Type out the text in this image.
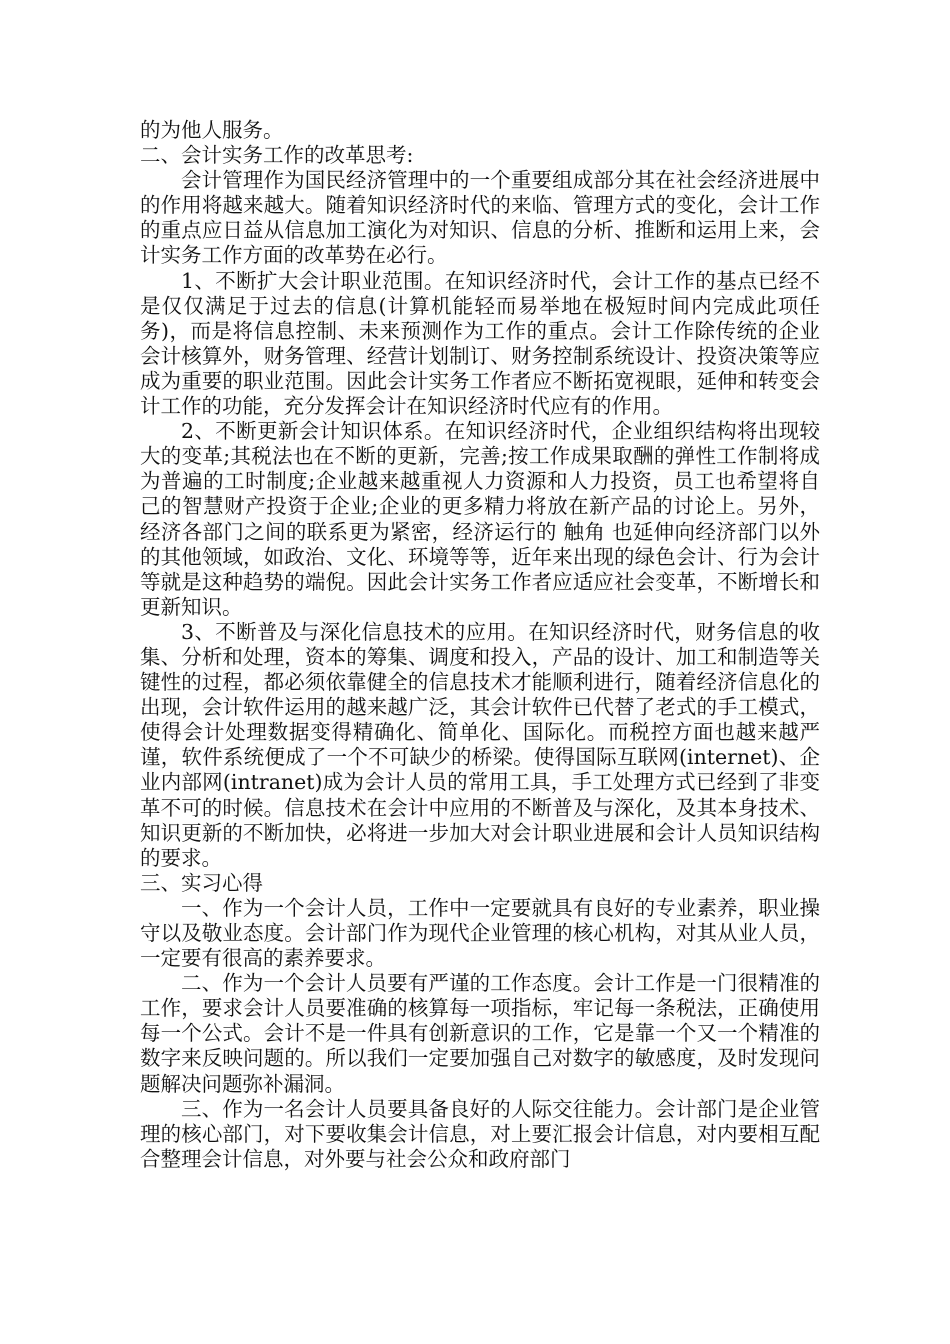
的为他人服务。

二、会计实务工作的改革思考:

会计管理作为国民经济管理中的一个重要组成部分其在社会经济进展中的作用将越来越大。随着知识经济时代的来临、管理方式的变化，会计工作的重点应日益从信息加工演化为对知识、信息的分析、推断和运用上来，会计实务工作方面的改革势在必行。

1、不断扩大会计职业范围。在知识经济时代，会计工作的基点已经不是仅仅满足于过去的信息(计算机能轻而易举地在极短时间内完成此项任务)，而是将信息控制、未来预测作为工作的重点。会计工作除传统的企业会计核算外，财务管理、经营计划制订、财务控制系统设计、投资决策等应成为重要的职业范围。因此会计实务工作者应不断拓宽视眼，延伸和转变会计工作的功能，充分发挥会计在知识经济时代应有的作用。

2、不断更新会计知识体系。在知识经济时代，企业组织结构将出现较大的变革;其税法也在不断的更新，完善;按工作成果取酬的弹性工作制将成为普遍的工时制度;企业越来越重视人力资源和人力投资，员工也希望将自己的智慧财产投资于企业;企业的更多精力将放在新产品的讨论上。另外，经济各部门之间的联系更为紧密，经济运行的 触角 也延伸向经济部门以外的其他领域，如政治、文化、环境等等，近年来出现的绿色会计、行为会计等就是这种趋势的端倪。因此会计实务工作者应适应社会变革，不断增长和更新知识。

3、不断普及与深化信息技术的应用。在知识经济时代，财务信息的收集、分析和处理，资本的筹集、调度和投入，产品的设计、加工和制造等关键性的过程，都必须依靠健全的信息技术才能顺利进行，随着经济信息化的出现，会计软件运用的越来越广泛，其会计软件已代替了老式的手工模式，使得会计处理数据变得精确化、简单化、国际化。而税控方面也越来越严谨，软件系统便成了一个不可缺少的桥梁。使得国际互联网(internet)、企业内部网(intranet)成为会计人员的常用工具，手工处理方式已经到了非变革不可的时候。信息技术在会计中应用的不断普及与深化，及其本身技术、知识更新的不断加快，必将进一步加大对会计职业进展和会计人员知识结构的要求。

三、实习心得

一、作为一个会计人员，工作中一定要就具有良好的专业素养，职业操守以及敬业态度。会计部门作为现代企业管理的核心机构，对其从业人员，一定要有很高的素养要求。

二、作为一个会计人员要有严谨的工作态度。会计工作是一门很精准的工作，要求会计人员要准确的核算每一项指标，牢记每一条税法，正确使用每一个公式。会计不是一件具有创新意识的工作，它是靠一个又一个精准的数字来反映问题的。所以我们一定要加强自己对数字的敏感度，及时发现问题解决问题弥补漏洞。

三、作为一名会计人员要具备良好的人际交往能力。会计部门是企业管理的核心部门，对下要收集会计信息，对上要汇报会计信息，对内要相互配合整理会计信息，对外要与社会公众和政府部门
